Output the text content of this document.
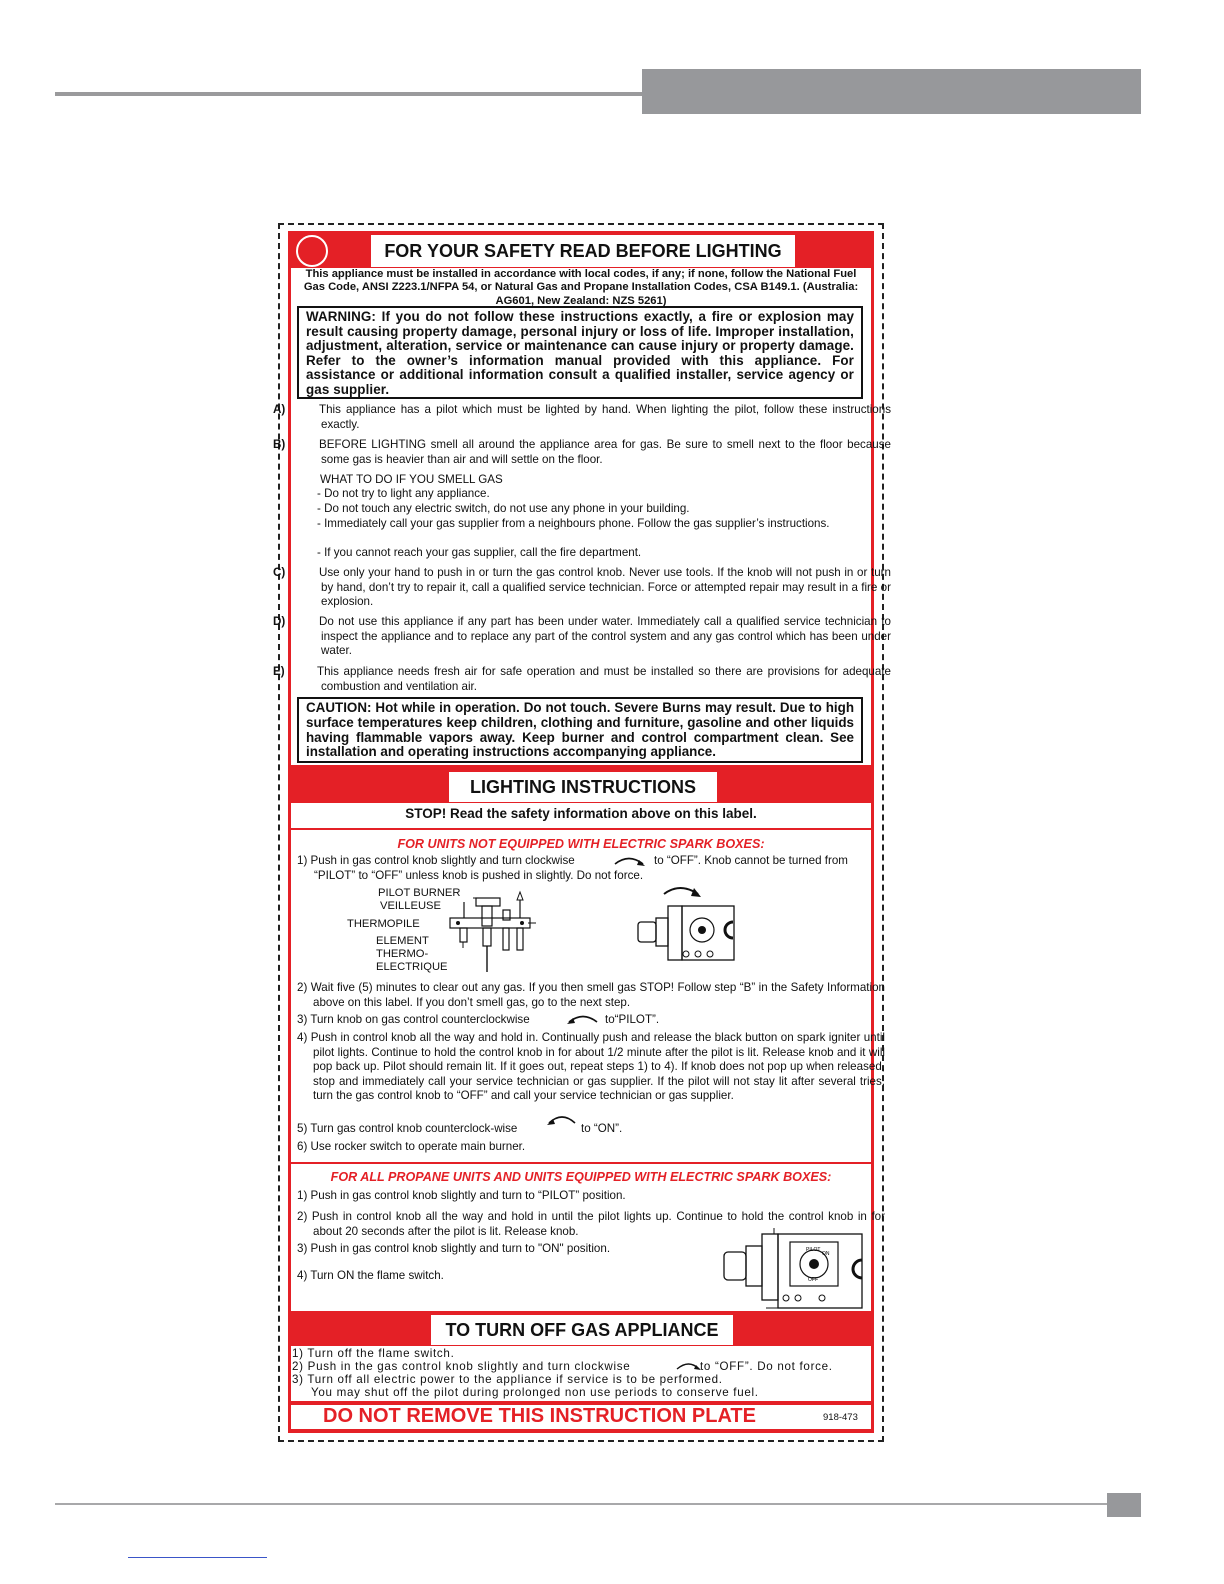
FOR YOUR SAFETY READ BEFORE LIGHTING

This appliance must be installed in accordance with local codes, if any; if none, follow the National Fuel Gas Code, ANSI Z223.1/NFPA 54, or Natural Gas and Propane Installation Codes, CSA B149.1. (Australia: AG601, New Zealand: NZS 5261)

WARNING: If you do not follow these instructions exactly, a fire or explosion may result causing property damage, personal injury or loss of life. Improper installation, adjustment, alteration, service or maintenance can cause injury or property damage. Refer to the owner’s information manual provided with this appliance. For assistance or additional information consult a qualified installer, service agency or gas supplier.
A)	This appliance has a pilot which must be lighted by hand. When lighting the pilot, follow these instructions exactly.
B)	BEFORE LIGHTING smell all around the appliance area for gas. Be sure to smell next to the floor because some gas is heavier than air and will settle on the floor.
WHAT TO DO IF YOU SMELL GAS
- Do not try to light any appliance.
- Do not touch any electric switch, do not use any phone in your building.
- Immediately call your gas supplier from a neighbours phone. Follow the gas supplier’s instructions.
- If you cannot reach your gas supplier, call the fire department.
C)	Use only your hand to push in or turn the gas control knob. Never use tools. If the knob will not push in or turn by hand, don’t try to repair it, call a qualified service technician. Force or attempted repair may result in a fire or explosion.
D)	Do not use this appliance if any part has been under water. Immediately call a qualified service technician to inspect the appliance and to replace any part of the control system and any gas control which has been under water.
E)	This appliance needs fresh air for safe operation and must be installed so there are provisions for adequate combustion and ventilation air.
CAUTION: Hot while in operation. Do not touch. Severe Burns may result. Due to high surface temperatures keep children, clothing and furniture, gasoline and other liquids having flammable vapors away. Keep burner and control compartment clean. See installation and operating instructions accompanying appliance.
LIGHTING INSTRUCTIONS
STOP! Read the safety information above on this label.
FOR UNITS NOT EQUIPPED WITH ELECTRIC SPARK BOXES:
1) Push in gas control knob slightly and turn clockwise	to “OFF”. Knob cannot be turned from
“PILOT” to “OFF” unless knob is pushed in slightly. Do not force.
PILOT BURNER
VEILLEUSE
THERMOPILE
ELEMENT
THERMO-
ELECTRIQUE
2) Wait five (5) minutes to clear out any gas. If you then smell gas STOP! Follow step “B” in the Safety Information above on this label. If you don’t smell gas, go to the next step.
3) Turn knob on gas control counterclockwise	to“PILOT”.
4) Push in control knob all the way and hold in. Continually push and release the black button on spark igniter until pilot lights. Continue to hold the control knob in for about 1/2 minute after the pilot is lit. Release knob and it will pop back up. Pilot should remain lit. If it goes out, repeat steps 1) to 4). If knob does not pop up when released, stop and immediately call your service technician or gas supplier. If the pilot will not stay lit after several tries, turn the gas control knob to “OFF” and call your service technician or gas supplier.
5) Turn gas control knob counterclock-wise	to “ON”.
6) Use rocker switch to operate main burner.
FOR ALL PROPANE UNITS AND UNITS EQUIPPED WITH ELECTRIC SPARK BOXES:
1) Push in gas control knob slightly and turn to “PILOT” position.
2) Push in control knob all the way and hold in until the pilot lights up. Continue to hold the control knob in for about 20 seconds after the pilot is lit. Release knob.
3) Push in gas control knob slightly and turn to "ON" position.
4) Turn ON the flame switch.
PILOT
ON
OFF
TO TURN OFF GAS APPLIANCE
1) Turn off the flame switch.
2) Push in the gas control knob slightly and turn clockwise	to “OFF”. Do not force.
3) Turn off all electric power to the appliance if service is to be performed.
You may shut off the pilot during prolonged non use periods to conserve fuel.
DO NOT REMOVE THIS INSTRUCTION PLATE	918-473
